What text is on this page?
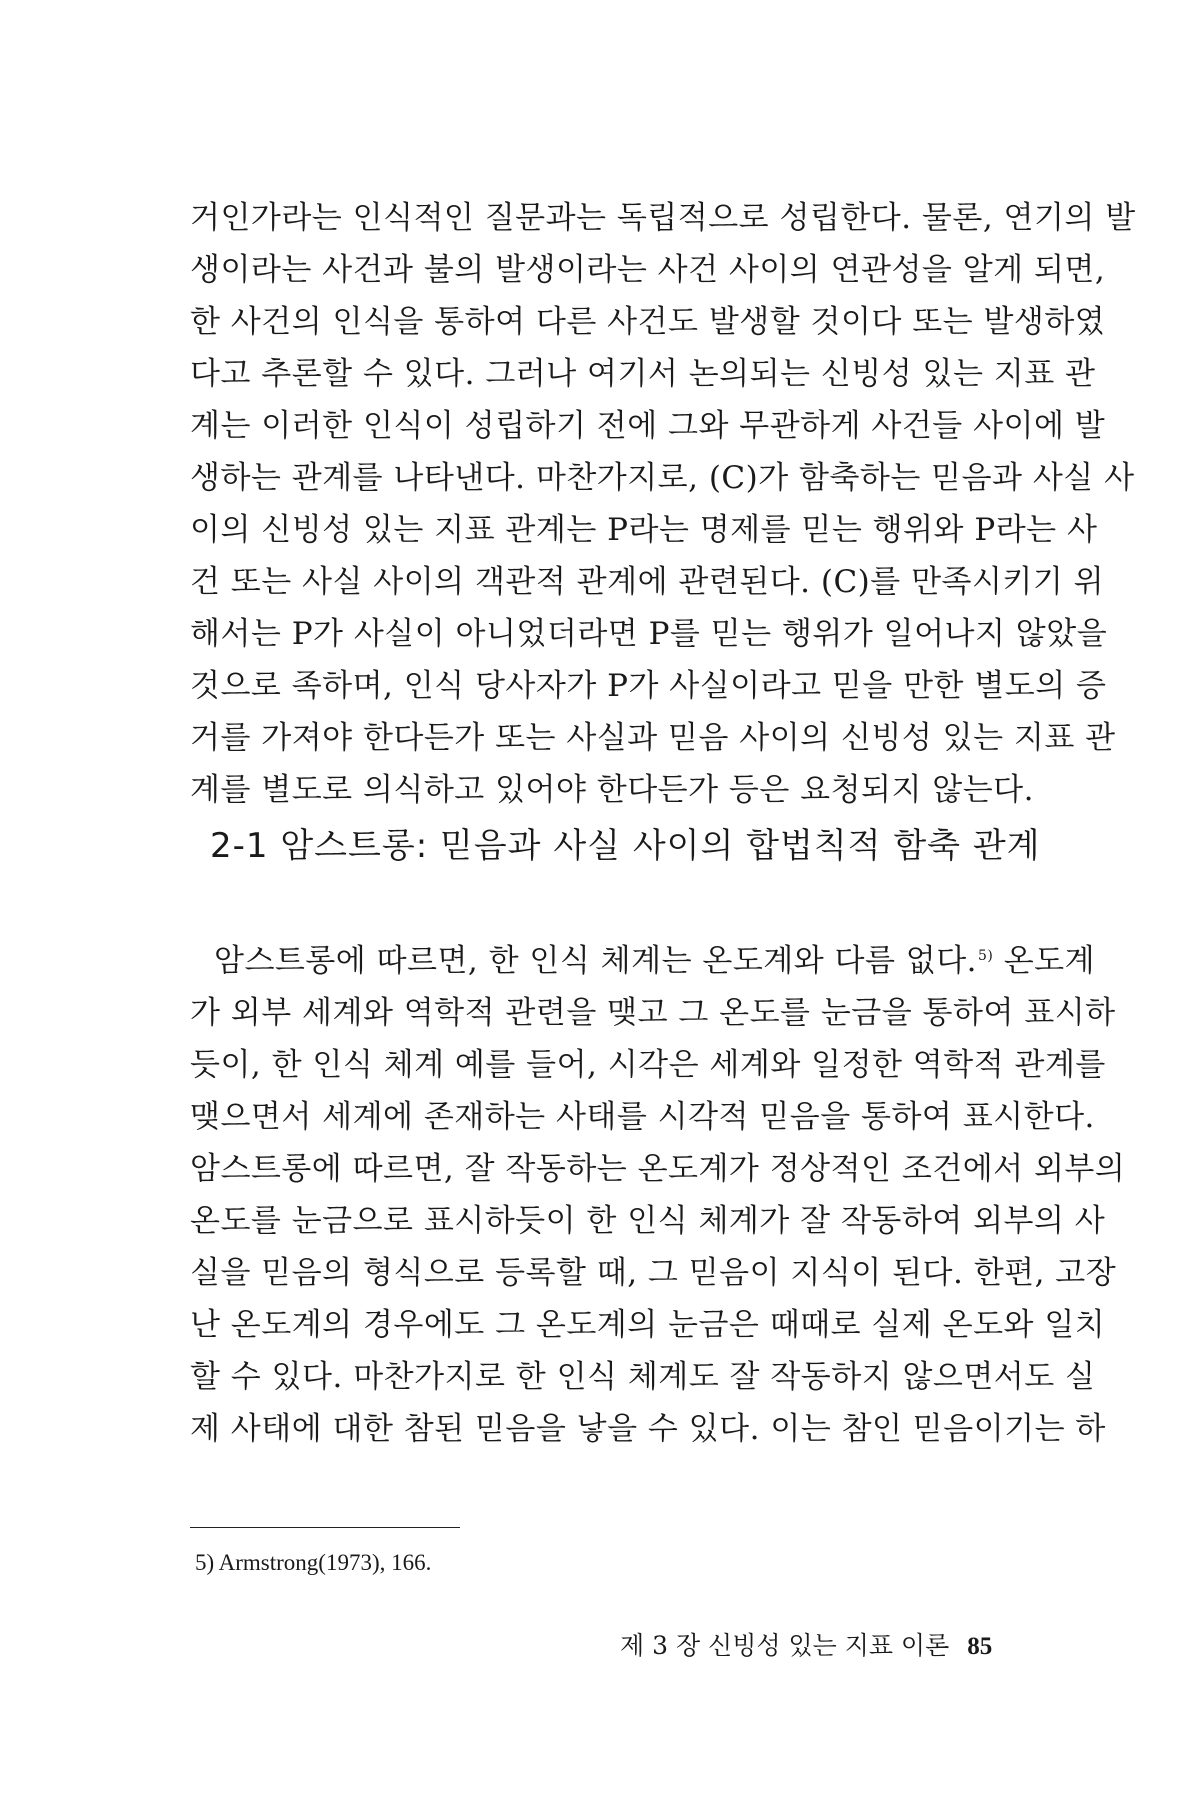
거인가라는 인식적인 질문과는 독립적으로 성립한다. 물론, 연기의 발
생이라는 사건과 불의 발생이라는 사건 사이의 연관성을 알게 되면,
한 사건의 인식을 통하여 다른 사건도 발생할 것이다 또는 발생하였
다고 추론할 수 있다. 그러나 여기서 논의되는 신빙성 있는 지표 관
계는 이러한 인식이 성립하기 전에 그와 무관하게 사건들 사이에 발
생하는 관계를 나타낸다. 마찬가지로, (C)가 함축하는 믿음과 사실 사
이의 신빙성 있는 지표 관계는 P라는 명제를 믿는 행위와 P라는 사
건 또는 사실 사이의 객관적 관계에 관련된다. (C)를 만족시키기 위
해서는 P가 사실이 아니었더라면 P를 믿는 행위가 일어나지 않았을
것으로 족하며, 인식 당사자가 P가 사실이라고 믿을 만한 별도의 증
거를 가져야 한다든가 또는 사실과 믿음 사이의 신빙성 있는 지표 관
계를 별도로 의식하고 있어야 한다든가 등은 요청되지 않는다.
2-1 암스트롱: 믿음과 사실 사이의 합법칙적 함축 관계
암스트롱에 따르면, 한 인식 체계는 온도계와 다름 없다.$^{5)}$ 온도계
가 외부 세계와 역학적 관련을 맺고 그 온도를 눈금을 통하여 표시하
듯이, 한 인식 체계 예를 들어, 시각은 세계와 일정한 역학적 관계를
맺으면서 세계에 존재하는 사태를 시각적 믿음을 통하여 표시한다.
암스트롱에 따르면, 잘 작동하는 온도계가 정상적인 조건에서 외부의
온도를 눈금으로 표시하듯이 한 인식 체계가 잘 작동하여 외부의 사
실을 믿음의 형식으로 등록할 때, 그 믿음이 지식이 된다. 한편, 고장
난 온도계의 경우에도 그 온도계의 눈금은 때때로 실제 온도와 일치
할 수 있다. 마찬가지로 한 인식 체계도 잘 작동하지 않으면서도 실
제 사태에 대한 참된 믿음을 낳을 수 있다. 이는 참인 믿음이기는 하
5) Armstrong(1973), 166.
제 3 장 신빙성 있는 지표 이론 85
